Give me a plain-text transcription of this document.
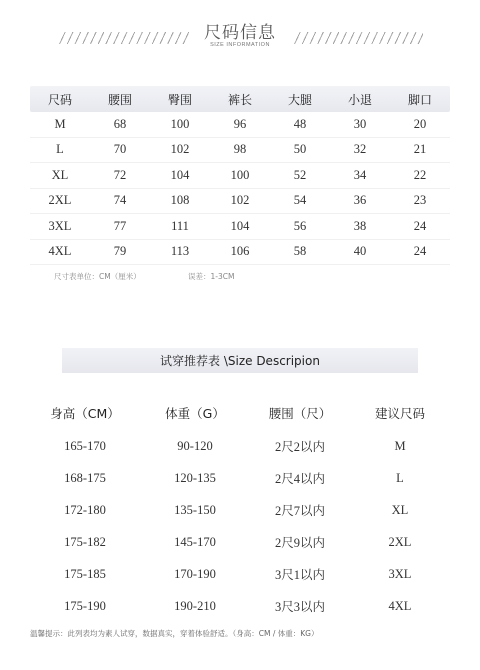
尺码信息
SIZE INFORMATION
尺码	腰围	臀围	裤长	大腿	小退	脚口
M	68	100	96	48	30	20
L	70	102	98	50	32	21
XL	72	104	100	52	34	22
2XL	74	108	102	54	36	23
3XL	77	111	104	56	38	24
4XL	79	113	106	58	40	24
尺寸表单位：CM（厘米）	误差：1-3CM
试穿推荐表 \Size Descripion
身高（CM）	体重（G）	腰围（尺）	建议尺码
165-170	90-120	2尺2以内	M
168-175	120-135	2尺4以内	L
172-180	135-150	2尺7以内	XL
175-182	145-170	2尺9以内	2XL
175-185	170-190	3尺1以内	3XL
175-190	190-210	3尺3以内	4XL
温馨提示：此列表均为素人试穿，数据真实，穿着体验舒适。（身高：CM / 体重：KG）
